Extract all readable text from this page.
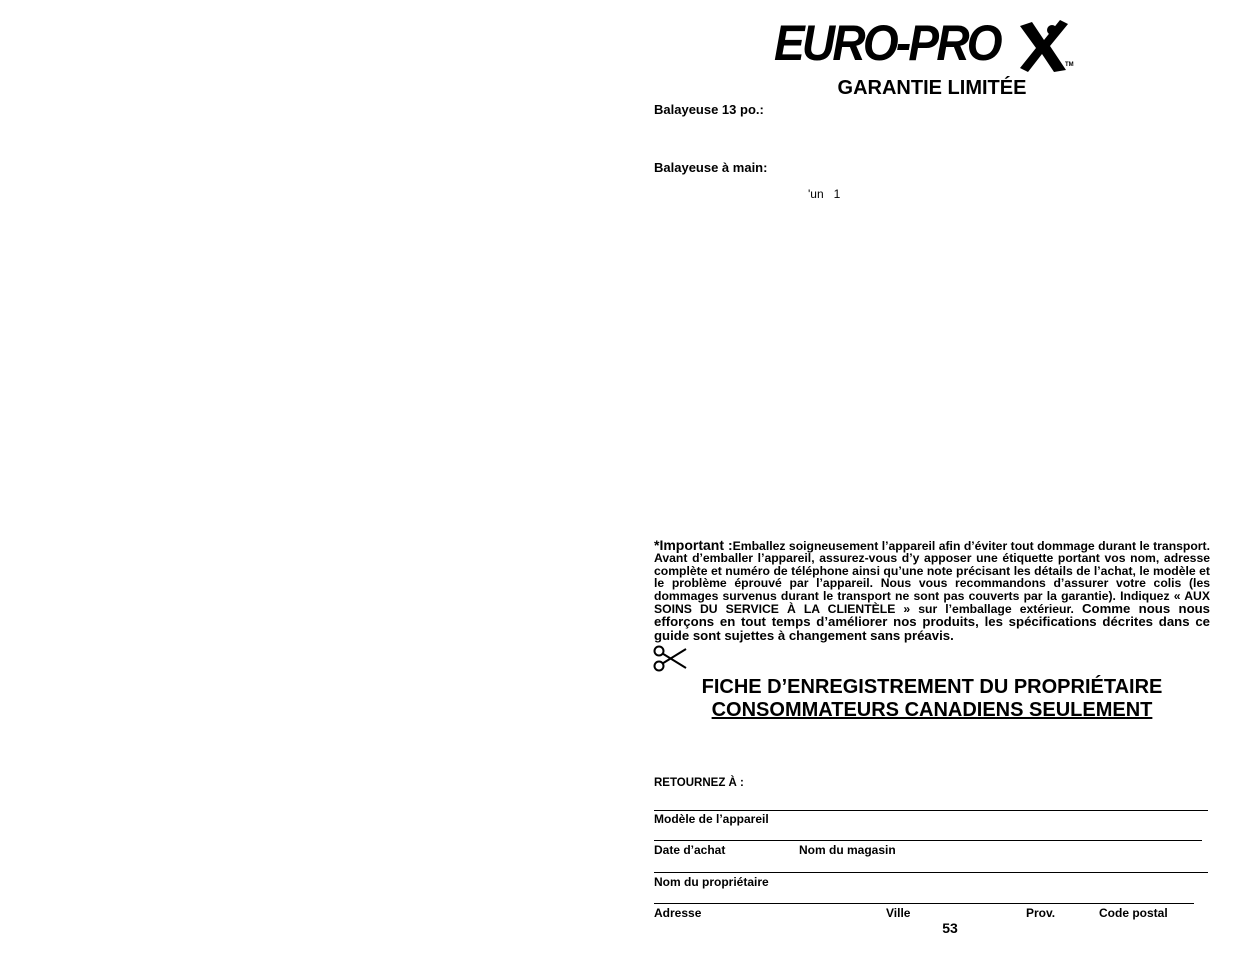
EURO-PRO	TM
GARANTIE LIMITÉE
Balayeuse 13 po.:
Balayeuse à main:
'un   1
*Important :Emballez soigneusement l’appareil afin d’éviter tout dommage durant le transport. Avant d’emballer l’appareil, assurez-vous d’y apposer une étiquette portant vos nom, adresse complète et numéro de téléphone ainsi qu’une note précisant les détails de l’achat, le modèle et le problème éprouvé par l’appareil. Nous vous recommandons d’assurer votre colis (les dommages survenus durant le transport ne sont pas couverts par la garantie). Indiquez « AUX SOINS DU SERVICE À LA CLIENTÈLE » sur l’emballage extérieur. Comme nous nous efforçons en tout temps d’améliorer nos produits, les spécifications décrites dans ce guide sont sujettes à changement sans préavis.
FICHE D’ENREGISTREMENT DU PROPRIÉTAIRE
CONSOMMATEURS CANADIENS SEULEMENT
RETOURNEZ À :
Modèle de l’appareil
Date d’achat	Nom du magasin
Nom du propriétaire
Adresse	Ville	Prov.	Code postal
53
